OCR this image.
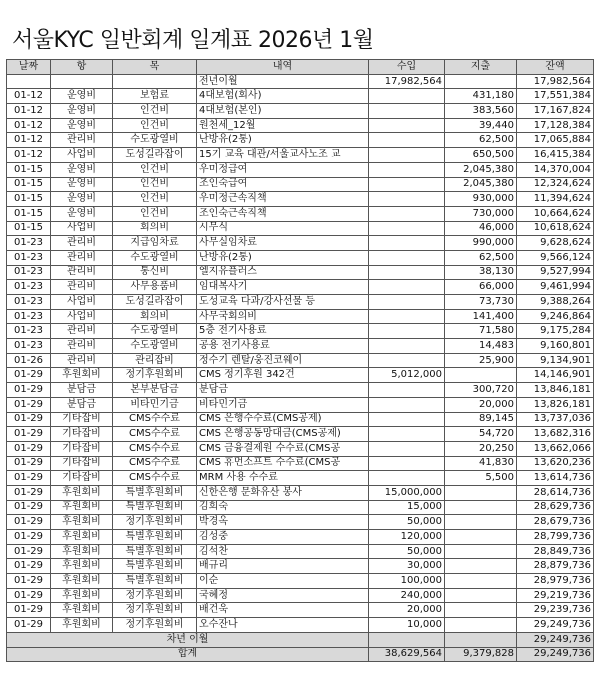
서울KYC 일반회계 일계표 2026년 1월
날짜	항	목	내역	수입	지출	잔액
			전년이월	17,982,564		17,982,564
01-12	운영비	보험료	4대보험(회사)		431,180	17,551,384
01-12	운영비	인건비	4대보험(본인)		383,560	17,167,824
01-12	운영비	인건비	원천세_12월		39,440	17,128,384
01-12	관리비	수도광열비	난방유(2통)		62,500	17,065,884
01-12	사업비	도성길라잡이	15기 교육 대관/서울교사노조 교		650,500	16,415,384
01-15	운영비	인건비	우미정급여		2,045,380	14,370,004
01-15	운영비	인건비	조인숙급여		2,045,380	12,324,624
01-15	운영비	인건비	우미정근속직책		930,000	11,394,624
01-15	운영비	인건비	조인숙근속직책		730,000	10,664,624
01-15	사업비	회의비	시무식		46,000	10,618,624
01-23	관리비	지급임차료	사무실임차료		990,000	9,628,624
01-23	관리비	수도광열비	난방유(2통)		62,500	9,566,124
01-23	관리비	통신비	엘지유플러스		38,130	9,527,994
01-23	관리비	사무용품비	임대복사기		66,000	9,461,994
01-23	사업비	도성길라잡이	도성교육 다과/강사선물 등		73,730	9,388,264
01-23	사업비	회의비	사무국회의비		141,400	9,246,864
01-23	관리비	수도광열비	5층 전기사용료		71,580	9,175,284
01-23	관리비	수도광열비	공용 전기사용료		14,483	9,160,801
01-26	관리비	관리잡비	정수기 렌탈/웅진코웨이		25,900	9,134,901
01-29	후원회비	정기후원회비	CMS 정기후원 342건	5,012,000		14,146,901
01-29	분담금	본부분담금	분담금		300,720	13,846,181
01-29	분담금	비타민기금	비타민기금		20,000	13,826,181
01-29	기타잡비	CMS수수료	CMS 은행수수료(CMS공제)		89,145	13,737,036
01-29	기타잡비	CMS수수료	CMS 은행공동망대금(CMS공제)		54,720	13,682,316
01-29	기타잡비	CMS수수료	CMS 금융결제원 수수료(CMS공		20,250	13,662,066
01-29	기타잡비	CMS수수료	CMS 휴먼소프트 수수료(CMS공		41,830	13,620,236
01-29	기타잡비	CMS수수료	MRM 사용 수수료		5,500	13,614,736
01-29	후원회비	특별후원회비	신한은행 문화유산 봉사	15,000,000		28,614,736
01-29	후원회비	특별후원회비	김희숙	15,000		28,629,736
01-29	후원회비	정기후원회비	박경옥	50,000		28,679,736
01-29	후원회비	특별후원회비	김성중	120,000		28,799,736
01-29	후원회비	특별후원회비	김석찬	50,000		28,849,736
01-29	후원회비	특별후원회비	배규리	30,000		28,879,736
01-29	후원회비	특별후원회비	이순	100,000		28,979,736
01-29	후원회비	정기후원회비	국혜정	240,000		29,219,736
01-29	후원회비	정기후원회비	배건욱	20,000		29,239,736
01-29	후원회비	정기후원회비	오수잔나	10,000		29,249,736
차년 이월						29,249,736
합계				38,629,564	9,379,828	29,249,736
